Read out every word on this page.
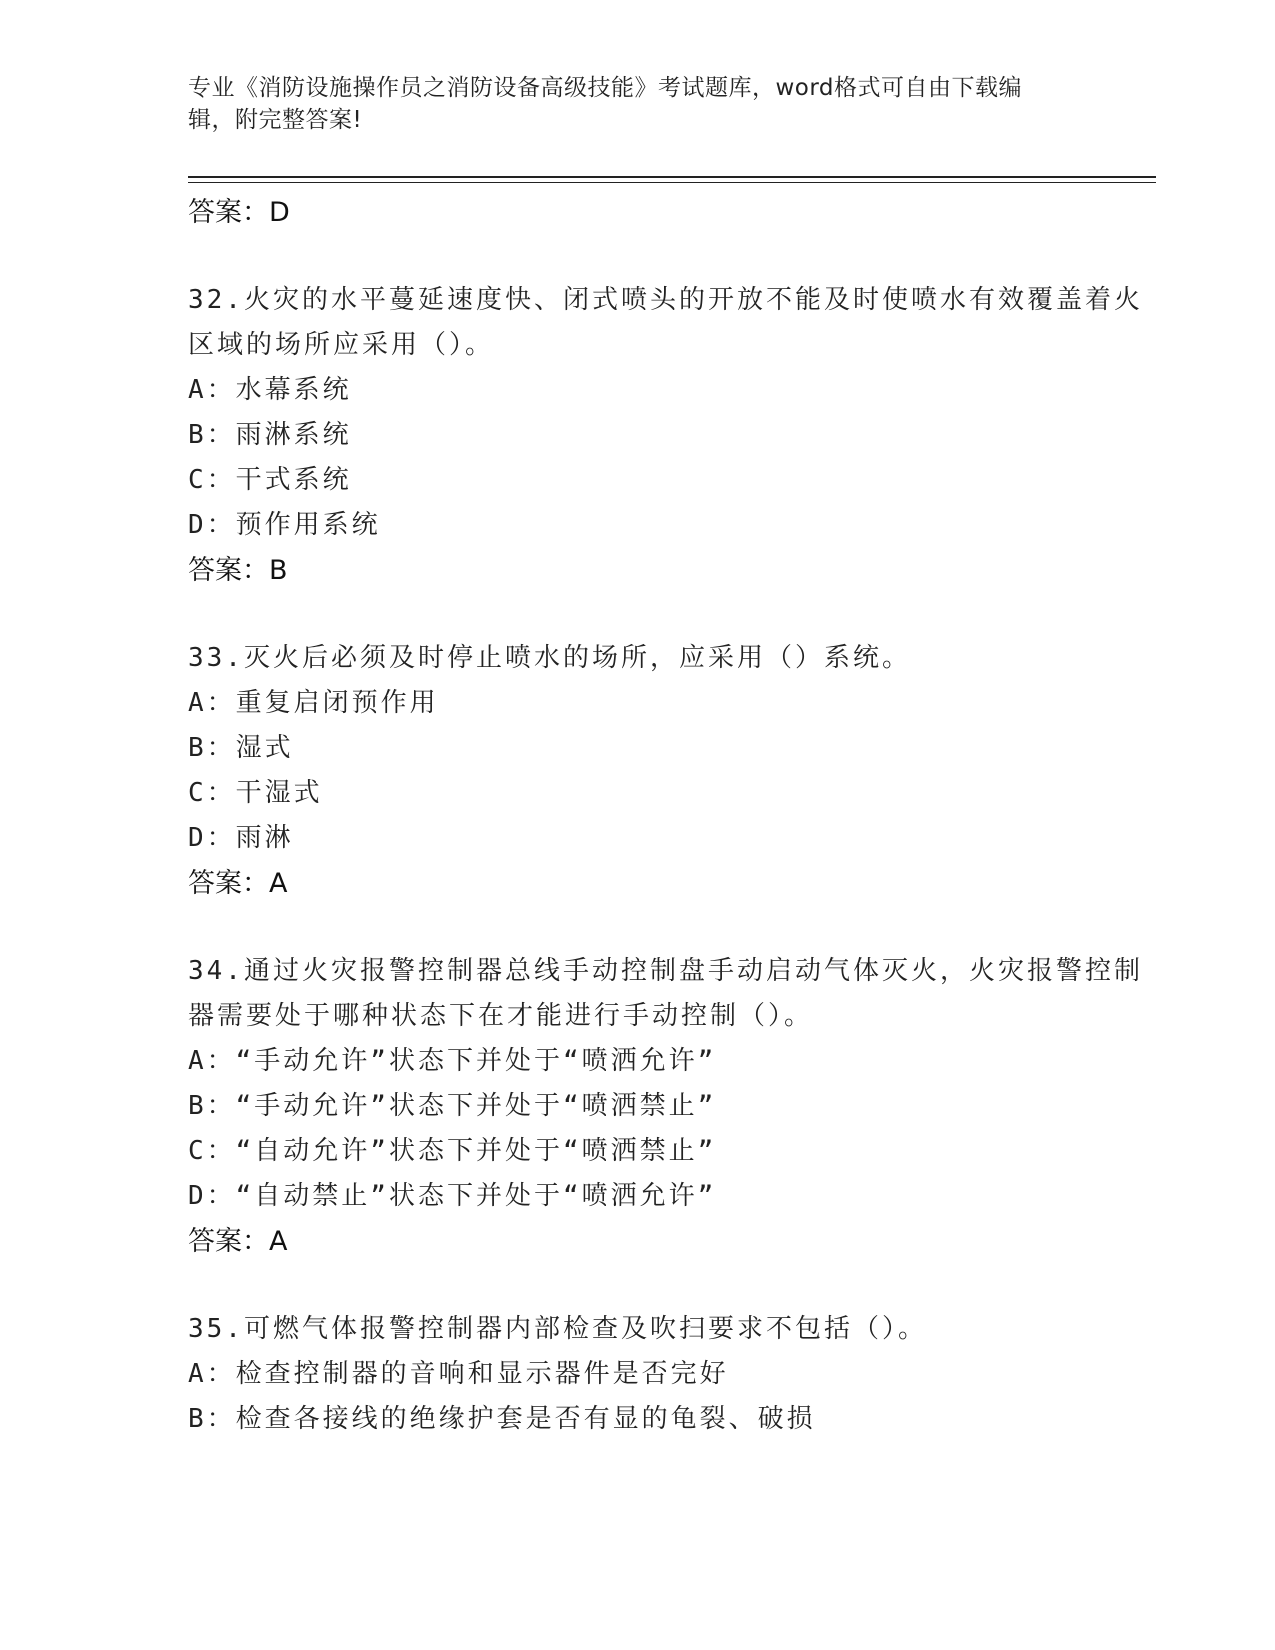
专业《消防设施操作员之消防设备高级技能》考试题库，word格式可自由下载编辑，附完整答案!
答案：D
32.火灾的水平蔓延速度快、闭式喷头的开放不能及时使喷水有效覆盖着火区域的场所应采用（）。
A：水幕系统
B：雨淋系统
C：干式系统
D：预作用系统
答案：B
33.灭火后必须及时停止喷水的场所，应采用（）系统。
A：重复启闭预作用
B：湿式
C：干湿式
D：雨淋
答案：A
34.通过火灾报警控制器总线手动控制盘手动启动气体灭火，火灾报警控制器需要处于哪种状态下在才能进行手动控制（）。
A：“手动允许”状态下并处于“喷洒允许”
B：“手动允许”状态下并处于“喷洒禁止”
C：“自动允许”状态下并处于“喷洒禁止”
D：“自动禁止”状态下并处于“喷洒允许”
答案：A
35.可燃气体报警控制器内部检查及吹扫要求不包括（）。
A：检查控制器的音响和显示器件是否完好
B：检查各接线的绝缘护套是否有显的龟裂、破损
